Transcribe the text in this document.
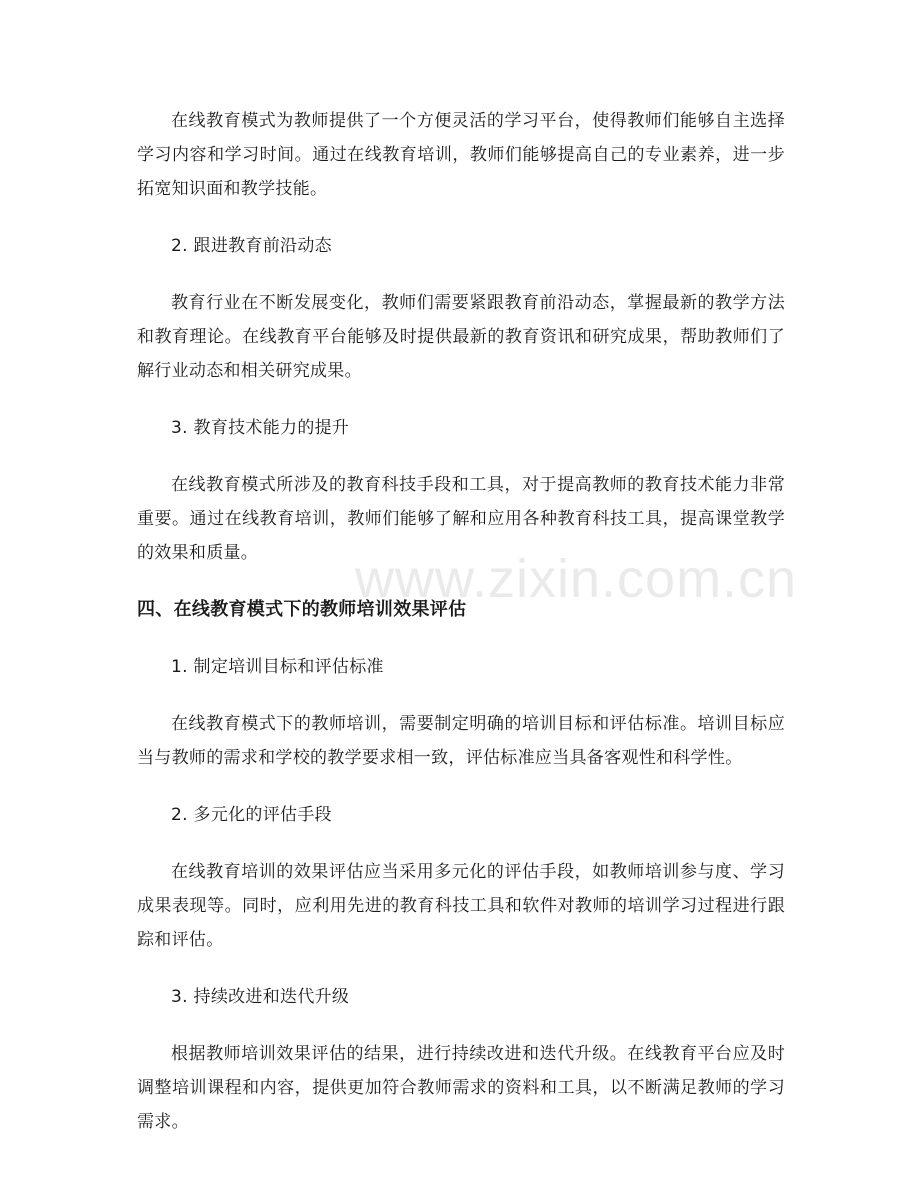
在线教育模式为教师提供了一个方便灵活的学习平台，使得教师们能够自主选择学习内容和学习时间。通过在线教育培训，教师们能够提高自己的专业素养，进一步拓宽知识面和教学技能。

2. 跟进教育前沿动态

教育行业在不断发展变化，教师们需要紧跟教育前沿动态，掌握最新的教学方法和教育理论。在线教育平台能够及时提供最新的教育资讯和研究成果，帮助教师们了解行业动态和相关研究成果。

3. 教育技术能力的提升

在线教育模式所涉及的教育科技手段和工具，对于提高教师的教育技术能力非常重要。通过在线教育培训，教师们能够了解和应用各种教育科技工具，提高课堂教学的效果和质量。

四、在线教育模式下的教师培训效果评估
1. 制定培训目标和评估标准

在线教育模式下的教师培训，需要制定明确的培训目标和评估标准。培训目标应当与教师的需求和学校的教学要求相一致，评估标准应当具备客观性和科学性。

2. 多元化的评估手段

在线教育培训的效果评估应当采用多元化的评估手段，如教师培训参与度、学习成果表现等。同时，应利用先进的教育科技工具和软件对教师的培训学习过程进行跟踪和评估。

3. 持续改进和迭代升级

根据教师培训效果评估的结果，进行持续改进和迭代升级。在线教育平台应及时调整培训课程和内容，提供更加符合教师需求的资料和工具，以不断满足教师的学习需求。

www.zixin.com.cn
